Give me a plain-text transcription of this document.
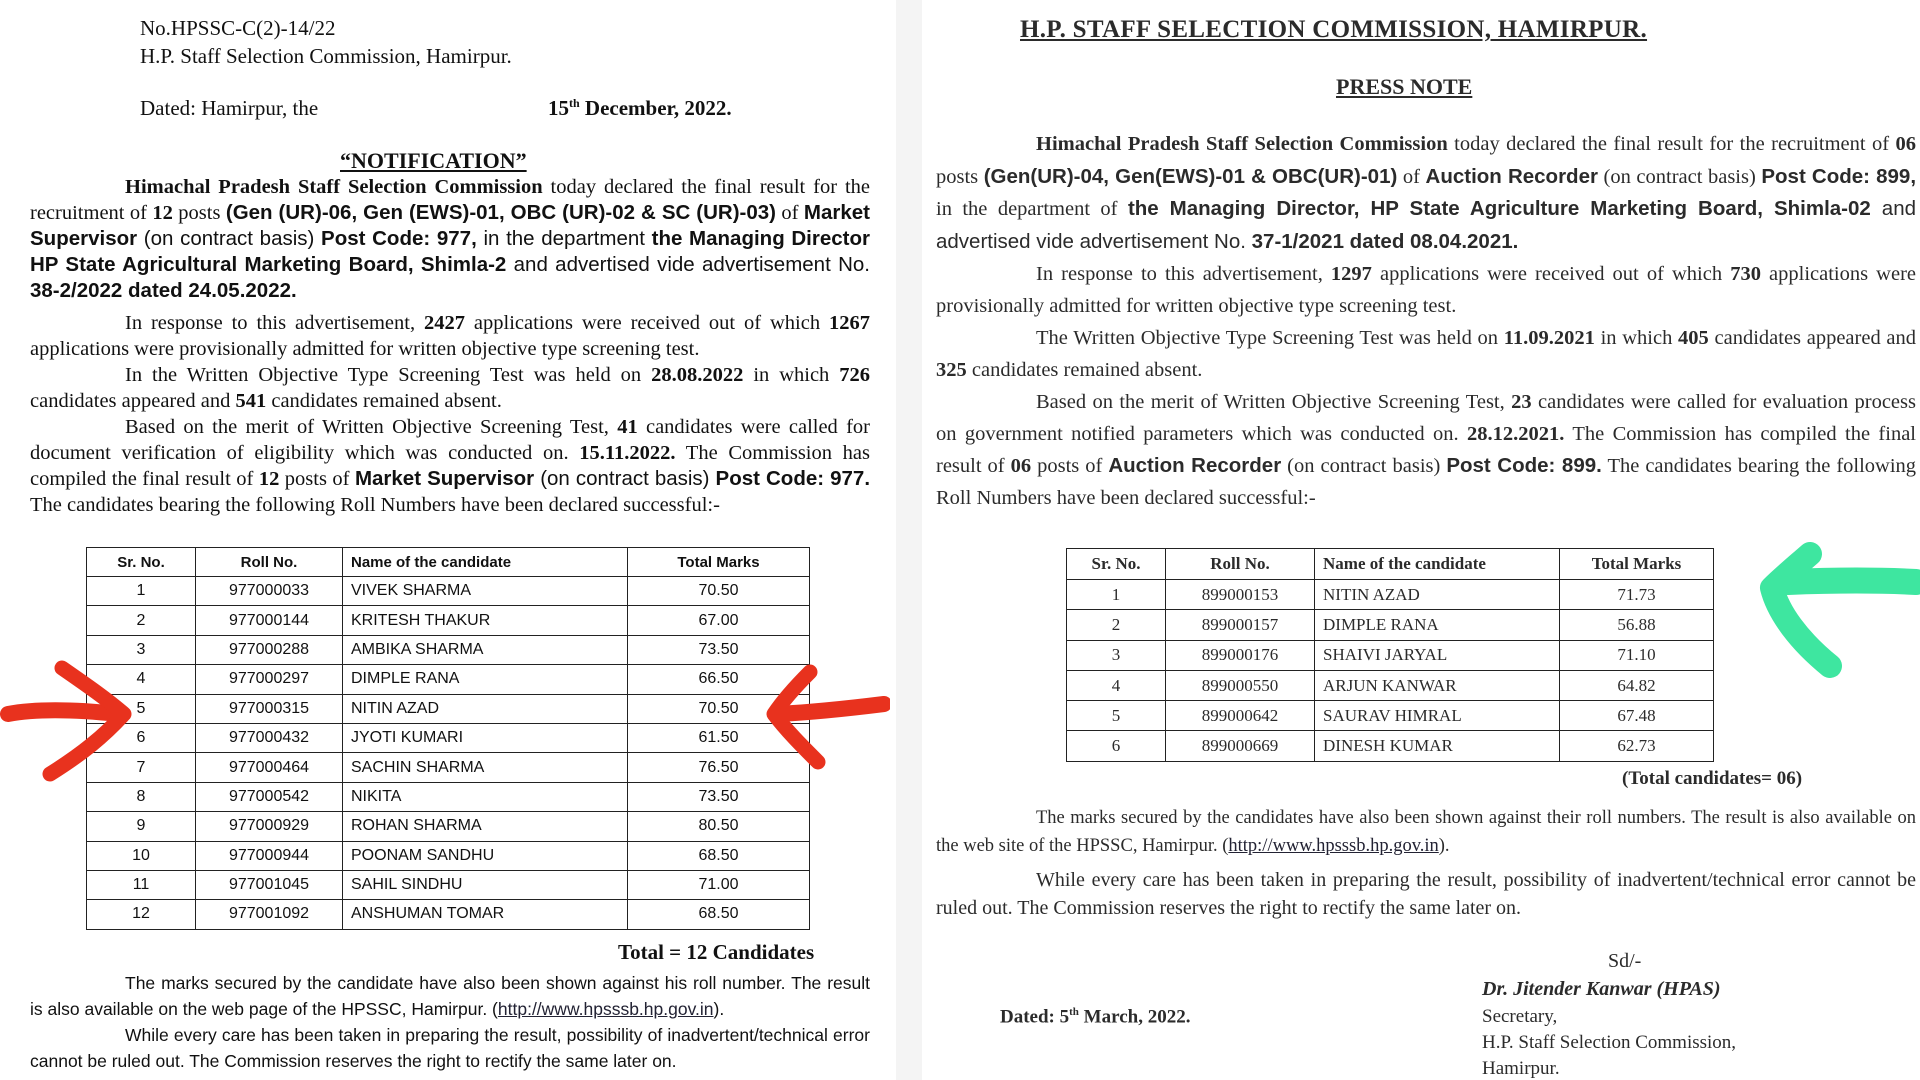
No.HPSSC-C(2)-14/22
H.P. Staff Selection Commission, Hamirpur.
Dated: Hamirpur, the	15th December, 2022.
“NOTIFICATION”

Himachal Pradesh Staff Selection Commission today declared the final result for the recruitment of 12 posts (Gen (UR)-06, Gen (EWS)-01, OBC (UR)-02 & SC (UR)-03) of Market Supervisor (on contract basis) Post Code: 977, in the department the Managing Director HP State Agricultural Marketing Board, Shimla-2 and advertised vide advertisement No. 38-2/2022 dated 24.05.2022.

In response to this advertisement, 2427 applications were received out of which 1267 applications were provisionally admitted for written objective type screening test.

In the Written Objective Type Screening Test was held on 28.08.2022 in which 726 candidates appeared and 541 candidates remained absent.

Based on the merit of Written Objective Screening Test, 41 candidates were called for document verification of eligibility which was conducted on. 15.11.2022. The Commission has compiled the final result of 12 posts of Market Supervisor (on contract basis) Post Code: 977. The candidates bearing the following Roll Numbers have been declared successful:-

Sr. No.	Roll No.	Name of the candidate	Total Marks
1	977000033	VIVEK SHARMA	70.50
2	977000144	KRITESH THAKUR	67.00
3	977000288	AMBIKA SHARMA	73.50
4	977000297	DIMPLE RANA	66.50
5	977000315	NITIN AZAD	70.50
6	977000432	JYOTI KUMARI	61.50
7	977000464	SACHIN SHARMA	76.50
8	977000542	NIKITA	73.50
9	977000929	ROHAN SHARMA	80.50
10	977000944	POONAM SANDHU	68.50
11	977001045	SAHIL SINDHU	71.00
12	977001092	ANSHUMAN TOMAR	68.50
Total = 12 Candidates

The marks secured by the candidate have also been shown against his roll number. The result is also available on the web page of the HPSSC, Hamirpur. (http://www.hpsssb.hp.gov.in).

While every care has been taken in preparing the result, possibility of inadvertent/technical error cannot be ruled out. The Commission reserves the right to rectify the same later on.

H.P. STAFF SELECTION COMMISSION, HAMIRPUR.
PRESS NOTE

Himachal Pradesh Staff Selection Commission today declared the final result for the recruitment of 06 posts (Gen(UR)-04, Gen(EWS)-01 & OBC(UR)-01) of Auction Recorder (on contract basis) Post Code: 899, in the department of the Managing Director, HP State Agriculture Marketing Board, Shimla-02 and advertised vide advertisement No. 37-1/2021 dated 08.04.2021.

In response to this advertisement, 1297 applications were received out of which 730 applications were provisionally admitted for written objective type screening test.

The Written Objective Type Screening Test was held on 11.09.2021 in which 405 candidates appeared and 325 candidates remained absent.

Based on the merit of Written Objective Screening Test, 23 candidates were called for evaluation process on government notified parameters which was conducted on. 28.12.2021. The Commission has compiled the final result of 06 posts of Auction Recorder (on contract basis) Post Code: 899. The candidates bearing the following Roll Numbers have been declared successful:-

Sr. No.	Roll No.	Name of the candidate	Total Marks
1	899000153	NITIN AZAD	71.73
2	899000157	DIMPLE RANA	56.88
3	899000176	SHAIVI JARYAL	71.10
4	899000550	ARJUN KANWAR	64.82
5	899000642	SAURAV HIMRAL	67.48
6	899000669	DINESH KUMAR	62.73
(Total candidates= 06)

The marks secured by the candidates have also been shown against their roll numbers. The result is also available on the web site of the HPSSC, Hamirpur. (http://www.hpsssb.hp.gov.in).

While every care has been taken in preparing the result, possibility of inadvertent/technical error cannot be ruled out. The Commission reserves the right to rectify the same later on.

Sd/-
Dr. Jitender Kanwar (HPAS)
Secretary,
H.P. Staff Selection Commission,
Hamirpur.
Dated: 5th March, 2022.
